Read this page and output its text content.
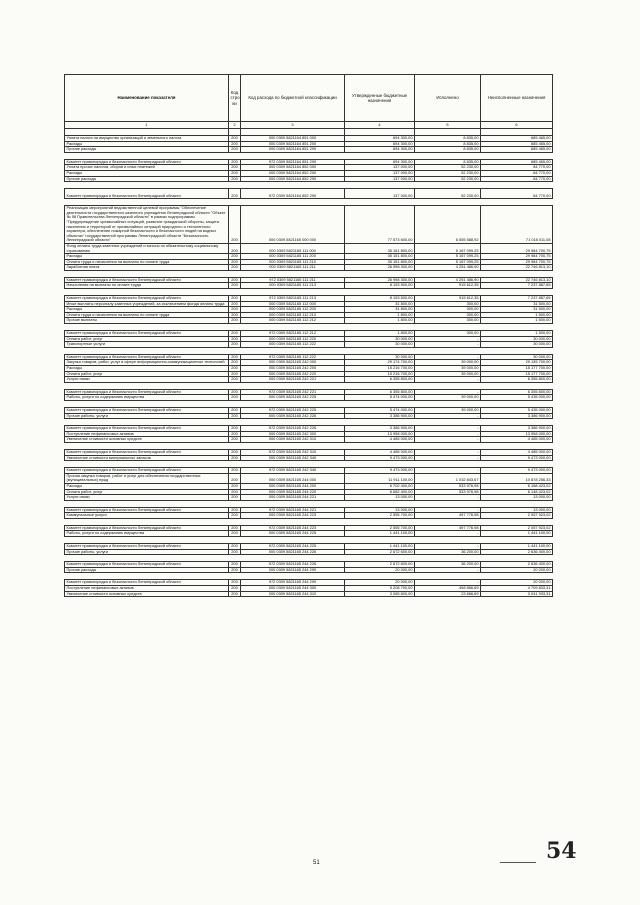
Наименование показателя	Код стро ки	Код расхода по бюджетной классификации	Утвержденные бюджетные назначения	Исполнено	Неисполненные назначения
1	2	3	4	5	6

Уплата налога на имущество организаций и земельного налога	200	000 0309 5821164 851 000	694 300,00	8 835,00	685 465,00
Расходы	200	000 0309 5821164 851 200	694 300,00	8 835,00	685 465,00
Прочие расходы	200	000 0309 5821164 851 290	694 300,00	8 835,00	685 465,00

Комитет правопорядка и безопасности Ленинградской области	200	972 0309 5821164 851 290	694 300,00	8 835,00	685 465,00
Уплата прочих налогов, сборов и иных платежей	200	000 0309 5821164 852 000	137 000,00	52 230,00	84 770,00
Расходы	200	000 0309 5821164 852 200	137 000,00	52 230,00	84 770,00
Прочие расходы	200	000 0309 5821164 852 290	137 000,00	52 230,00	84 770,00

Комитет правопорядка и безопасности Ленинградской области	200	972 0309 5821164 852 290	137 000,00	52 230,00	84 770,00

Реализация мероприятий ведомственной целевой программы "Обеспечение деятельности государственного казенного учреждения Ленинградской области "Объект № 58 Правительства Ленинградской области" в рамках подпрограммы "Предупреждение чрезвычайных ситуаций, развитие гражданской обороны, защита населения и территорий от чрезвычайных ситуаций природного и техногенного характера, обеспечение пожарной безопасности и безопасности людей на водных объектах" государственной программы Ленинградской области "Безопасность Ленинградской области"	200	000 0309 5821165 000 000	77 573 600,00	6 555 588,92	71 018 011,08
Фонд оплаты труда казенных учреждений и взносы по обязательному социальному страхованию	200	000 0309 5821165 111 000	35 151 800,00	5 167 099,25	29 984 700,75
Расходы	200	000 0309 5821165 111 200	35 151 800,00	5 167 099,25	29 984 700,75
Оплата труда и начисления на выплаты по оплате труда	200	000 0309 5821165 111 210	35 151 800,00	5 167 099,25	29 984 700,75
Заработная плата	200	000 0309 5821165 111 211	26 998 300,00	4 251 486,90	22 746 813,10

Комитет правопорядка и безопасности Ленинградской области	200	972 0309 5821165 111 211	26 998 300,00	4 251 486,90	22 746 813,10
Начисления на выплаты по оплате труда	200	000 0309 5821165 111 213	8 153 500,00	915 612,35	7 237 887,65

Комитет правопорядка и безопасности Ленинградской области	200	972 0309 5821165 111 213	8 153 500,00	915 612,35	7 237 887,65
Иные выплаты персоналу казенных учреждений, за исключением фонда оплаты труда	200	000 0309 5821165 112 000	31 800,00	300,00	31 500,00
Расходы	200	000 0309 5821165 112 200	31 800,00	300,00	31 500,00
Оплата труда и начисления на выплаты по оплате труда	200	000 0309 5821165 112 210	1 800,00	300,00	1 500,00
Прочие выплаты	200	000 0309 5821165 112 212	1 800,00	300,00	1 500,00

Комитет правопорядка и безопасности Ленинградской области	200	972 0309 5821165 112 212	1 800,00	300,00	1 500,00
Оплата работ, услуг	200	000 0309 5821165 112 220	30 000,00	-	30 000,00
Транспортные услуги	200	000 0309 5821165 112 222	30 000,00	-	30 000,00

Комитет правопорядка и безопасности Ленинградской области	200	972 0309 5821165 112 222	30 000,00	-	30 000,00
Закупка товаров, работ, услуг в сфере информационно-коммуникационных технологий	200	000 0309 5821165 242 000	29 174 700,00	39 000,00	29 135 700,00
Расходы	200	000 0309 5821165 242 200	15 216 700,00	39 000,00	15 177 700,00
Оплата работ, услуг	200	000 0309 5821165 242 220	15 216 700,00	39 000,00	15 177 700,00
Услуги связи	200	000 0309 5821165 242 221	6 355 800,00	-	6 355 800,00

Комитет правопорядка и безопасности Ленинградской области	200	972 0309 5821165 242 221	6 355 800,00	-	6 355 800,00
Работы, услуги по содержанию имущества	200	000 0309 5821165 242 225	5 474 000,00	39 000,00	5 435 000,00

Комитет правопорядка и безопасности Ленинградской области	200	972 0309 5821165 242 225	5 474 000,00	39 000,00	5 435 000,00
Прочие работы, услуги	200	000 0309 5821165 242 226	3 386 900,00	-	3 386 900,00

Комитет правопорядка и безопасности Ленинградской области	200	972 0309 5821165 242 226	3 386 900,00	-	3 386 900,00
Поступление нефинансовых активов	200	000 0309 5821165 242 300	13 958 000,00	-	13 958 000,00
Увеличение стоимости основных средств	200	000 0309 5821165 242 310	4 485 000,00	-	4 485 000,00

Комитет правопорядка и безопасности Ленинградской области	200	972 0309 5821165 242 310	4 485 000,00	-	4 485 000,00
Увеличение стоимости материальных запасов	200	000 0309 5821165 242 340	9 473 000,00	-	9 473 000,00

Комитет правопорядка и безопасности Ленинградской области	200	972 0309 5821165 242 340	9 473 000,00	-	9 473 000,00
Прочая закупка товаров, работ и услуг для обеспечения государственных (муниципальных) нужд	200	000 0309 5821165 244 000	11 911 100,00	1 032 843,67	10 878 256,33
Расходы	200	000 0309 5821165 244 200	6 702 400,00	533 976,98	6 168 423,02
Оплата работ, услуг	200	000 0309 5821165 244 220	6 682 400,00	533 976,98	6 148 423,02
Услуги связи	200	000 0309 5821165 244 221	13 000,00	-	13 000,00

Комитет правопорядка и безопасности Ленинградской области	200	972 0309 5821165 244 221	13 000,00	-	13 000,00
Коммунальные услуги	200	000 0309 5821165 244 223	2 555 700,00	497 776,98	2 057 923,02

Комитет правопорядка и безопасности Ленинградской области	200	972 0309 5821165 244 223	2 555 700,00	497 776,98	2 057 923,02
Работы, услуги по содержанию имущества	200	000 0309 5821165 244 225	1 441 100,00	-	1 441 100,00

Комитет правопорядка и безопасности Ленинградской области	200	972 0309 5821165 244 225	1 441 100,00	-	1 441 100,00
Прочие работы, услуги	200	000 0309 5821165 244 226	2 672 600,00	36 200,00	2 636 400,00

Комитет правопорядка и безопасности Ленинградской области	200	972 0309 5821165 244 226	2 672 600,00	36 200,00	2 636 400,00
Прочие расходы	200	000 0309 5821165 244 290	20 000,00	-	20 000,00

Комитет правопорядка и безопасности Ленинградской области	200	972 0309 5821165 244 290	20 000,00	-	20 000,00
Поступление нефинансовых активов	200	000 0309 5821165 244 300	5 208 700,00	498 866,69	4 709 833,31
Увеличение стоимости основных средств	200	000 0309 5821165 244 310	3 065 600,00	23 666,69	3 041 933,31
51	54
